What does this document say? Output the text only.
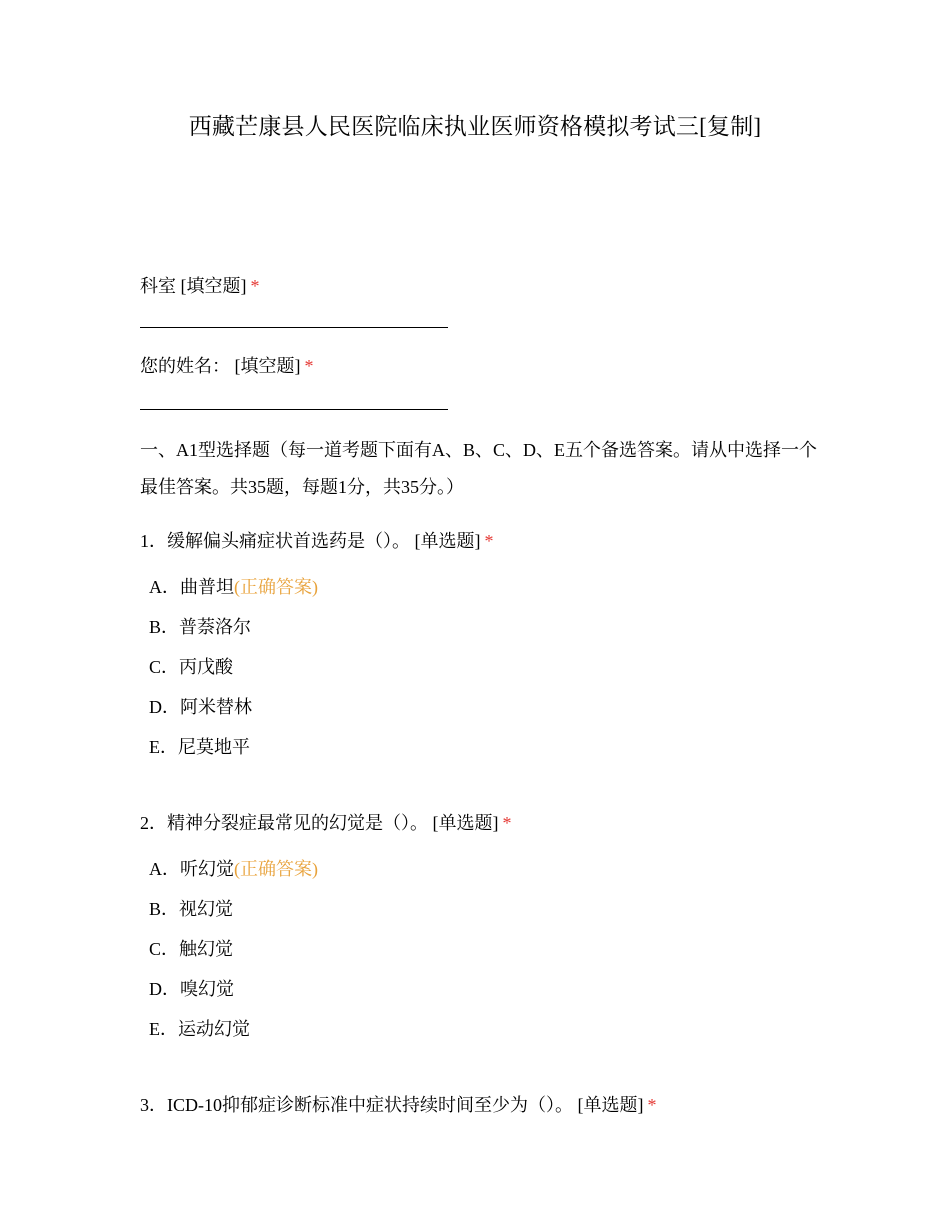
西藏芒康县人民医院临床执业医师资格模拟考试三[复制]
科室 [填空题] *
您的姓名： [填空题] *
一、A1型选择题（每一道考题下面有A、B、C、D、E五个备选答案。请从中选择一个最佳答案。共35题，每题1分，共35分。）
1．缓解偏头痛症状首选药是（）。 [单选题] *
A．曲普坦(正确答案)
B．普萘洛尔
C．丙戊酸
D．阿米替林
E．尼莫地平
2．精神分裂症最常见的幻觉是（）。 [单选题] *
A．听幻觉(正确答案)
B．视幻觉
C．触幻觉
D．嗅幻觉
E．运动幻觉
3．ICD-10抑郁症诊断标准中症状持续时间至少为（）。 [单选题] *
